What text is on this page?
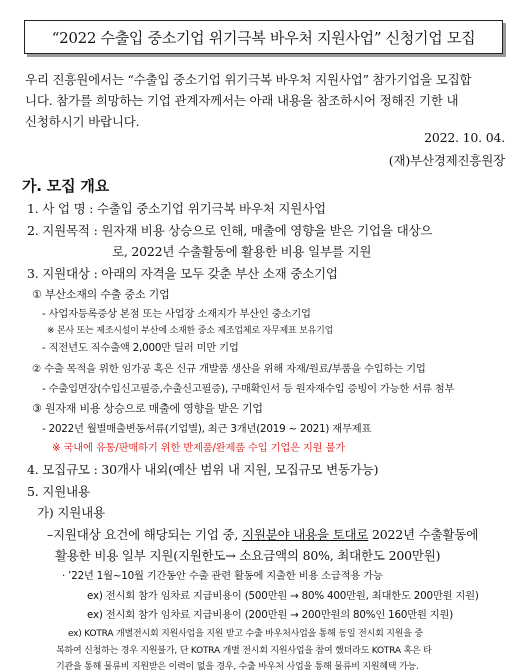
“2022 수출입 중소기업 위기극복 바우처 지원사업” 신청기업 모집
우리 진흥원에서는 “수출입 중소기업 위기극복 바우처 지원사업” 참가기업을 모집합
니다. 참가를 희망하는 기업 관계자께서는 아래 내용을 참조하시어 정해진 기한 내
신청하시기 바랍니다.
2022. 10. 04.
(재)부산경제진흥원장
가. 모집 개요
1. 사 업 명 : 수출입 중소기업 위기극복 바우처 지원사업
2. 지원목적 : 원자재 비용 상승으로 인해, 매출에 영향을 받은 기업을 대상으
로, 2022년 수출활동에 활용한 비용 일부를 지원
3. 지원대상 : 아래의 자격을 모두 갖춘 부산 소재 중소기업
① 부산소재의 수출 중소 기업
- 사업자등록증상 본점 또는 사업장 소재지가 부산인 중소기업
※ 본사 또는 제조시설이 부산에 소재한 중소 제조업체로 자무제표 보유기업
- 직전년도 직수출액 2,000만 딜러 미만 기업
② 수출 목적을 위한 임가공 혹은 신규 개발품 생산을 위해 자재/원료/부품을 수입하는 기업
- 수출입면장(수입신고필증,수출신고필증), 구매확인서 등 원자재수입 증빙이 가능한 서류 첨부
③ 원자재 비용 상승으로 매출에 영향을 받은 기업
- 2022년 월별매출변동서류(기업별), 최근 3개년(2019 ~ 2021) 재무제표
※ 국내에 유통/판매하기 위한 반제품/완제품 수입 기업은 지원 불가
4. 모집규모 : 30개사 내외(예산 범위 내 지원, 모집규모 변동가능)
5. 지원내용
가) 지원내용
–지원대상 요건에 해당되는 기업 중, 지원분야 내용을 토대로 2022년 수출활동에
활용한 비용 일부 지원(지원한도→ 소요금액의 80%, 최대한도 200만원)
‧ ’22년 1월~10월 기간동안 수출 관련 활동에 지출한 비용 소급적용 가능
ex) 전시회 참가 임차료 지급비용이 (500만원 → 80% 400만원, 최대한도 200만원 지원)
ex) 전시회 참가 임차료 지급비용이 (200만원 → 200만원의 80%인 160만원 지원)
ex) KOTRA 개별전시회 지원사업을 지원 받고 수출 바우처사업을 통해 동일 전시회 지원을 중
복하여 신청하는 경우 지원불가, 단 KOTRA 개별 전시회 지원사업을 참여 했더라도 KOTRA 혹은 타
기관을 통해 물류비 지원받은 이력이 없을 경우, 수출 바우처 사업을 통해 물류비 지원혜택 가능.
